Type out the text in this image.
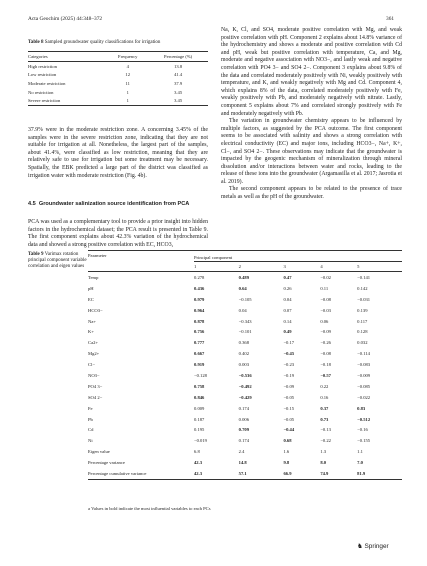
Acta Geochim (2025) 44:348–372	361
Table 8 Sampled groundwater quality classifications for irrigation
Categories	Frequency	Percentage (%)
High restriction	4	13.8
Low restriction	12	41.4
Moderate restriction	11	37.9
No restriction	1	3.45
Severe restriction	1	3.45
37.9% were in the moderate restriction zone. A concerning 3.45% of the samples were in the severe restriction zone, indicating that they are not suitable for irrigation at all. Nonetheless, the largest part of the samples, about 41.4%, were classified as low restriction, meaning that they are relatively safe to use for irrigation but some treatment may be necessary. Spatially, the EBK predicted a large part of the district was classified as irrigation water with moderate restriction (Fig. 4b).
4.5 Groundwater salinization source identification from PCA
PCA was used as a complementary tool to provide a prior insight into hidden factors in the hydrochemical dataset; the PCA result is presented in Table 9. The first component explains about 42.3% variation of the hydrochemical data and showed a strong positive correlation with EC, HCO3,
Na, K, Cl, and SO4, moderate positive correlation with Mg, and weak positive correlation with pH. Component 2 explains about 14.8% variance of the hydrochemistry and shows a moderate and positive correlation with Cd and pH, weak but positive correlation with temperature, Ca, and Mg, moderate and negative association with NO3−, and lastly weak and negative correlation with PO4 3− and SO4 2−. Component 3 explains about 9.8% of the data and correlated moderately positively with Ni, weakly positively with temperature, and K, and weakly negatively with Mg and Cd. Component 4, which explains 8% of the data, correlated moderately positively with Fe, weakly positively with Pb, and moderately negatively with nitrate. Lastly, component 5 explains about 7% and correlated strongly positively with Fe and moderately negatively with Pb.
The variation in groundwater chemistry appears to be influenced by multiple factors, as suggested by the PCA outcome. The first component seems to be associated with salinity and shows a strong correlation with electrical conductivity (EC) and major ions, including HCO3−, Na+, K+, Cl−, and SO4 2−. These observations may indicate that the groundwater is impacted by the geogenic mechanism of mineralization through mineral dissolution and/or interactions between water and rocks, leading to the release of these ions into the groundwater (Argamasilla et al. 2017; Jasrotia et al. 2019).
The second component appears to be related to the presence of trace metals as well as the pH of the groundwater.
Table 9 Varimax rotation principal component variable correlation and eigen values
Parameter	Principal component				
	1	2	3	4	5
Temp	0.278	0.489	0.47	−0.02	−0.141
pH	0.436	0.64	0.26	0.11	0.142
EC	0.979	−0.105	0.04	−0.08	−0.031
HCO3−	0.964	0.04	0.07	−0.03	0.139
Na+	0.878	−0.343	0.14	0.06	0.117
K+	0.756	−0.101	0.49	−0.09	0.128
Ca2+	0.777	0.368	−0.17	−0.26	0.032
Mg2+	0.667	0.402	−0.45	−0.08	−0.114
Cl−	0.919	0.003	−0.23	−0.18	−0.083
NO3−	−0.128	−0.536	−0.19	−0.57	−0.009
PO4 3−	0.758	−0.492	−0.09	0.22	−0.085
SO4 2−	0.846	−0.429	−0.05	0.16	−0.022
Fe	0.009	0.174	−0.15	0.37	0.83
Pb	0.187	0.006	−0.05	0.73	−0.512
Cd	0.195	0.709	−0.44	−0.13	−0.16
Ni	−0.019	0.174	0.68	−0.22	−0.155
Eigen value	6.8	2.4	1.6	1.3	1.1
Percentage variance	42.3	14.8	9.8	8.0	7.0
Percentage cumulative variance	42.3	57.1	66.9	74.9	81.9
a Values in bold indicate the most influential variables to each PCs
♞ Springer
